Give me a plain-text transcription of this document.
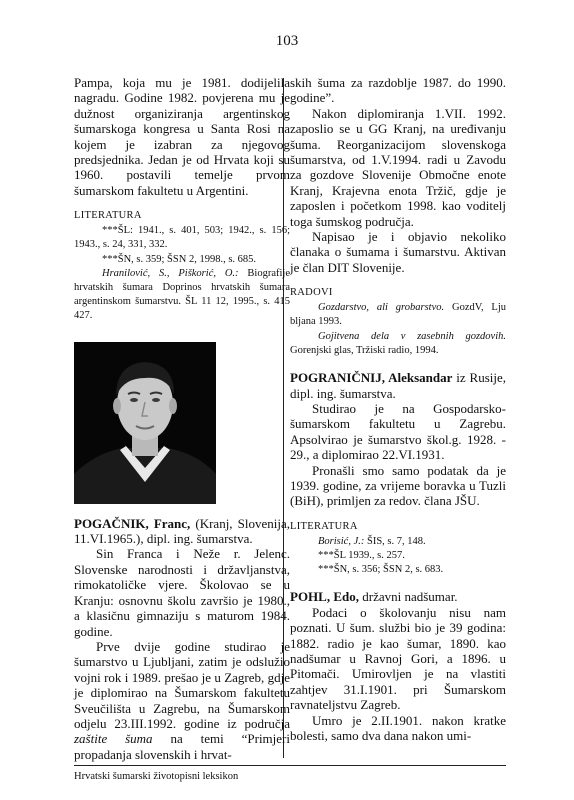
103

Pampa, koja mu je 1981. dodijelila nagradu. Godine 1982. povjerena mu je dužnost organiziranja argentinskog šumarskoga kongresa u Santa Rosi na kojem je izabran za njegovog predsjednika. Jedan je od Hrvata koji su 1960. postavili temelje prvom šumarskom fakultetu u Argentini.

LITERATURA

***ŠL: 1941., s. 401, 503; 1942., s. 156; 1943., s. 24, 331, 332.

***ŠN, s. 359; ŠSN 2, 1998., s. 685.

Hranilović, S., Piškorić, O.: Biografije hrvatskih šumara Doprinos hrvatskih šumara argentinskom šumarstvu. ŠL 11 12, 1995., s. 415 427.

POGAČNIK, Franc, (Kranj, Slovenija, 11.VI.1965.), dipl. ing. šumarstva.

Sin Franca i Neže r. Jelenc. Slovenske narodnosti i državljanstva, rimokatoličke vjere. Školovao se u Kranju: osnovnu školu završio je 1980., a klasičnu gimnaziju s maturom 1984. godine.

Prve dvije godine studirao je šumarstvo u Ljubljani, zatim je odslužio vojni rok i 1989. prešao je u Zagreb, gdje je diplomirao na Šumarskom fakultetu Sveučilišta u Zagrebu, na Šumarskom odjelu 23.III.1992. godine iz područja zaštite šuma na temi “Primjeri propadanja slovenskih i hrvat-

skih šuma za razdoblje 1987. do 1990. godine”.

Nakon diplomiranja 1.VII. 1992. zaposlio se u GG Kranj, na uređivanju šuma. Reorganizacijom slovenskoga šumarstva, od 1.V.1994. radi u Zavodu za gozdove Slovenije Območne enote Kranj, Krajevna enota Tržič, gdje je zaposlen i početkom 1998. kao voditelj toga šumskog područja.

Napisao je i objavio nekoliko članaka o šumama i šumarstvu. Aktivan je član DIT Slovenije.

RADOVI

Gozdarstvo, ali grobarstvo. GozdV, Lju bljana 1993.

Gojitvena dela v zasebnih gozdovih. Gorenjski glas, Tržiski radio, 1994.

POGRANIČNIJ, Aleksandar iz Rusije, dipl. ing. šumarstva.

Studirao je na Gospodarsko-šumarskom fakultetu u Zagrebu. Apsolvirao je šumarstvo škol.g. 1928. - 29., a diplomirao 22.VI.1931.

Pronašli smo samo podatak da je 1939. godine, za vrijeme boravka u Tuzli (BiH), primljen za redov. člana JŠU.

LITERATURA

Borisić, J.: ŠIS, s. 7, 148.

***ŠL 1939., s. 257.

***ŠN, s. 356; ŠSN 2, s. 683.

POHL, Edo, državni nadšumar.

Podaci o školovanju nisu nam poznati. U šum. službi bio je 39 godina: 1882. radio je kao šumar, 1890. kao nadšumar u Ravnoj Gori, a 1896. u Pitomači. Umirovljen je na vlastiti zahtjev 31.I.1901. pri Šumarskom ravnateljstvu Zagreb.

Umro je 2.II.1901. nakon kratke bolesti, samo dva dana nakon umi-

Hrvatski šumarski životopisni leksikon
